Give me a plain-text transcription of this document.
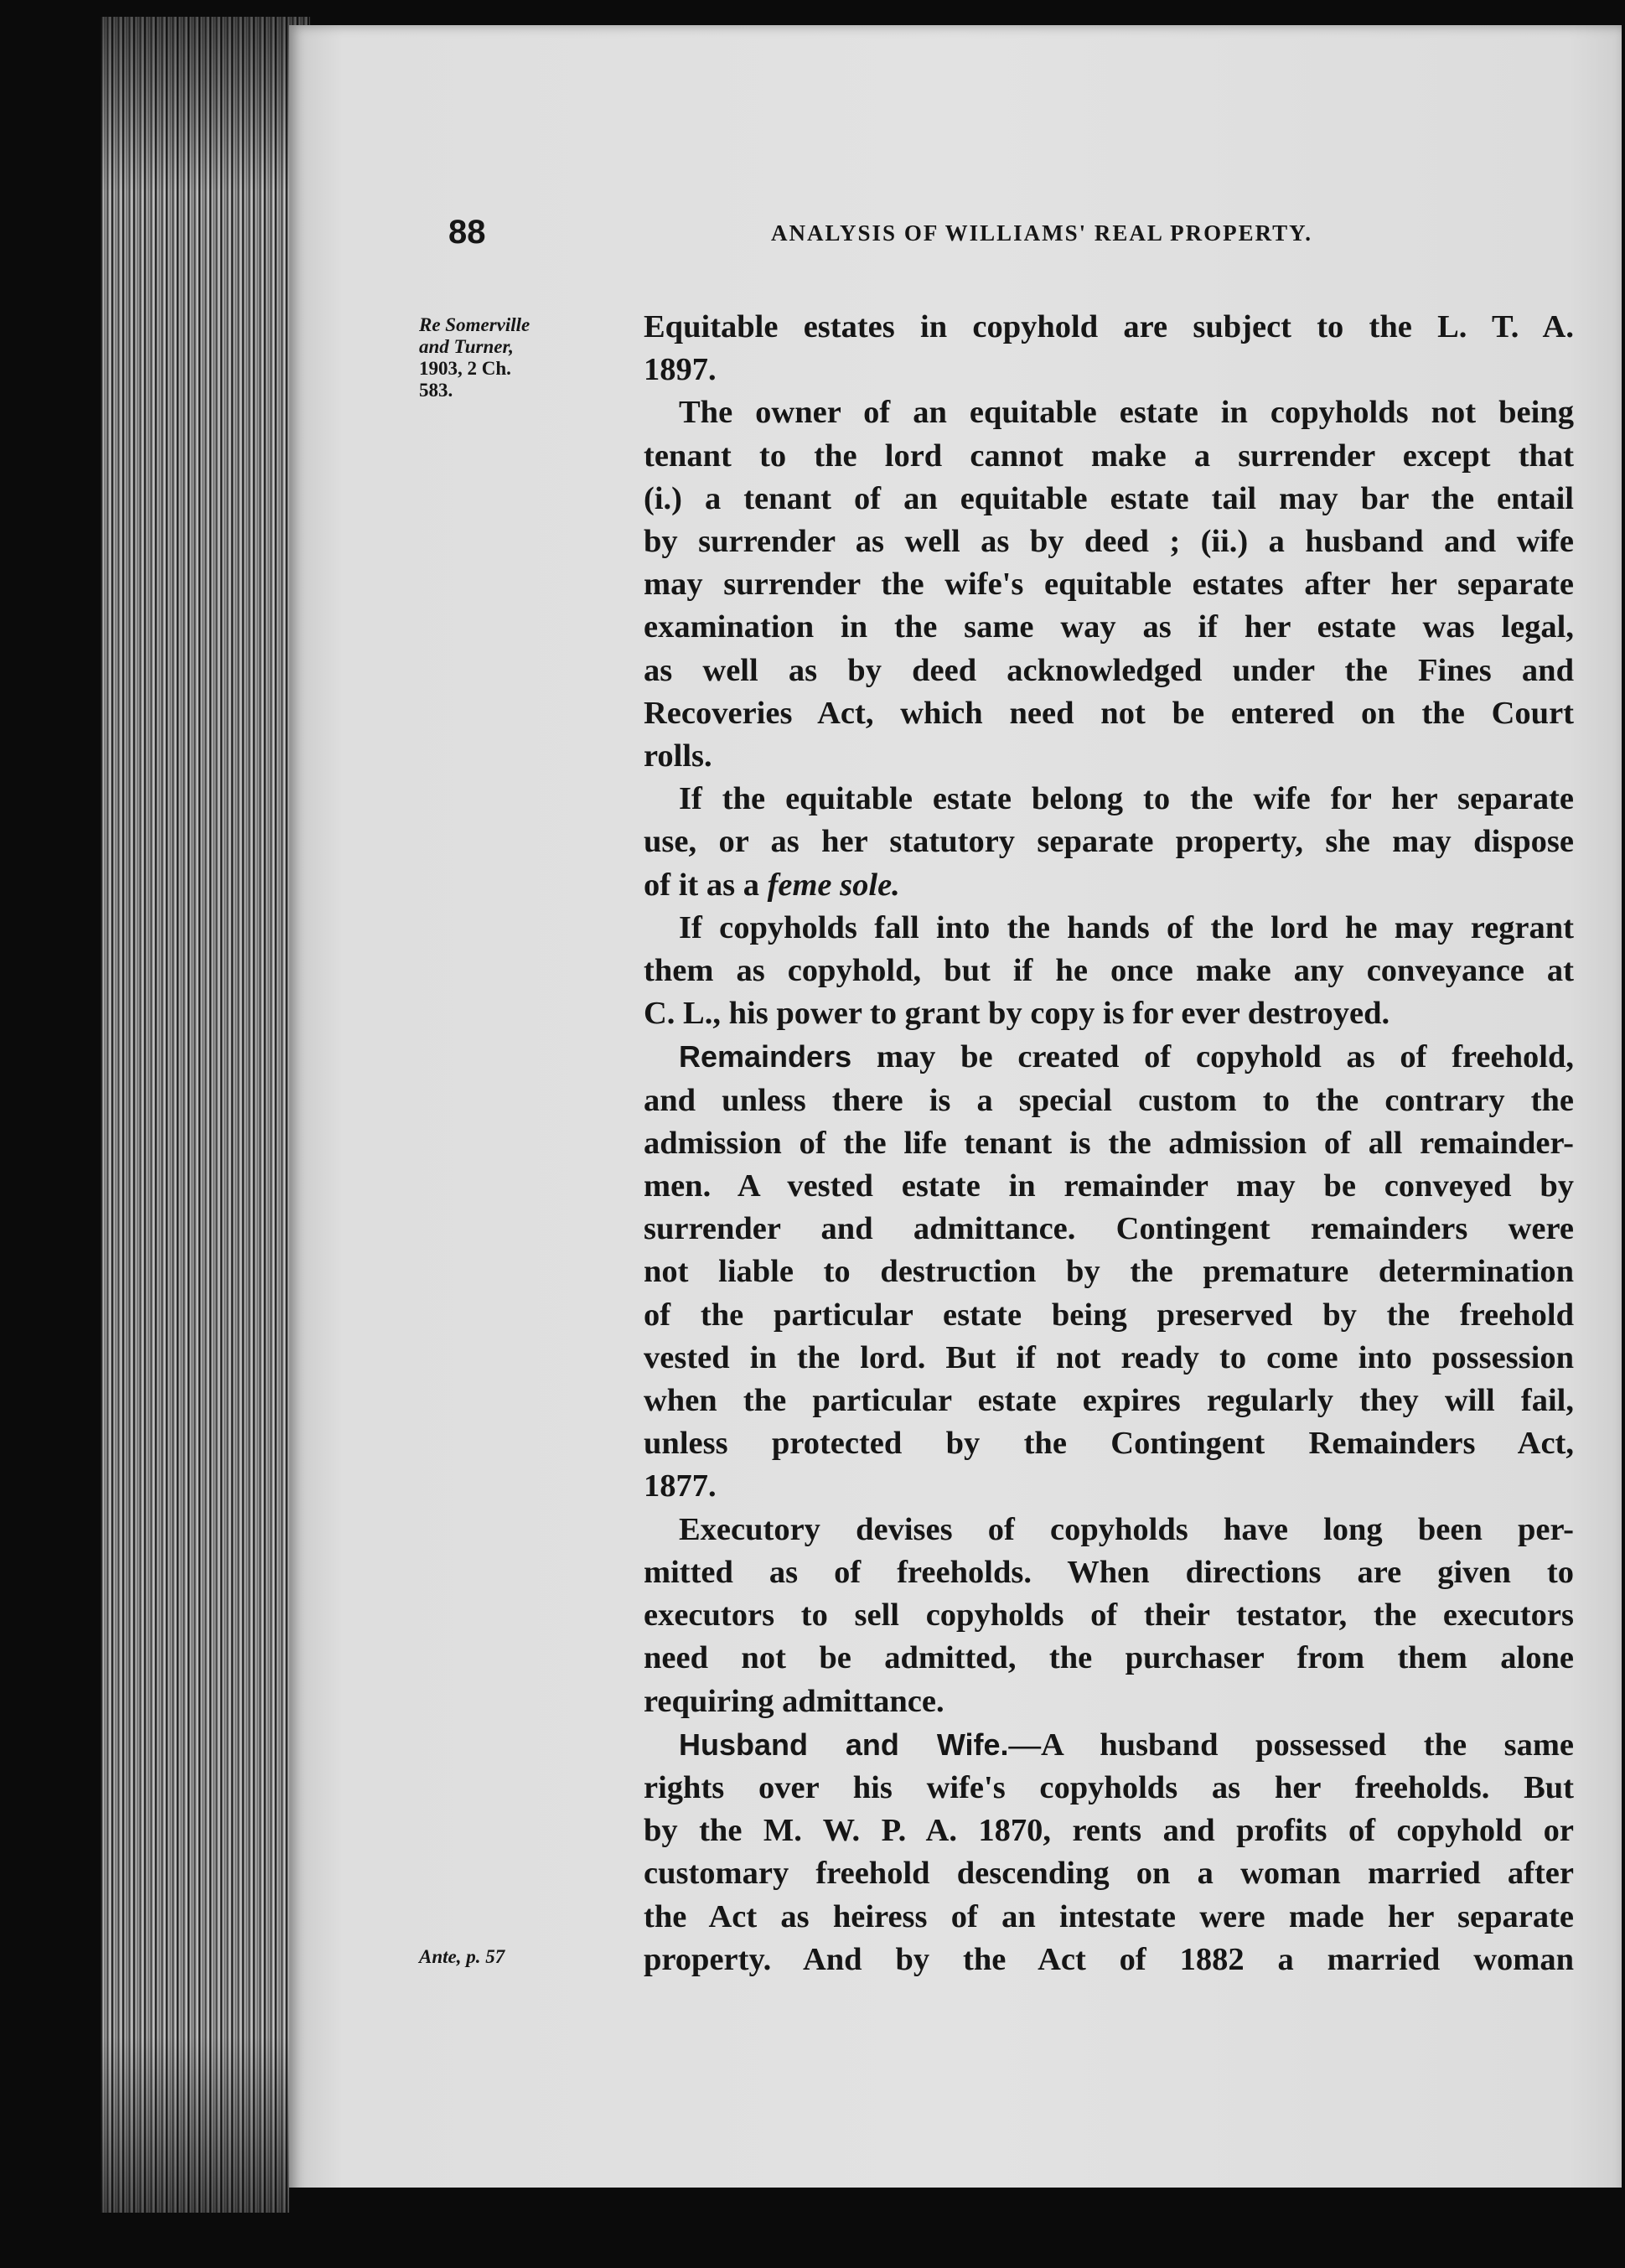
88	ANALYSIS OF WILLIAMS' REAL PROPERTY.
Re Somerville
and Turner,
1903, 2 Ch.
583.
Ante, p. 57
Equitable estates in copyhold are subject to the L. T. A.
1897.
The owner of an equitable estate in copyholds not being
tenant to the lord cannot make a surrender except that
(i.) a tenant of an equitable estate tail may bar the entail
by surrender as well as by deed ; (ii.) a husband and wife
may surrender the wife's equitable estates after her separate
examination in the same way as if her estate was legal,
as well as by deed acknowledged under the Fines and
Recoveries Act, which need not be entered on the Court
rolls.
If the equitable estate belong to the wife for her separate
use, or as her statutory separate property, she may dispose
of it as a feme sole.
If copyholds fall into the hands of the lord he may regrant
them as copyhold, but if he once make any conveyance at
C. L., his power to grant by copy is for ever destroyed.
Remainders may be created of copyhold as of freehold,
and unless there is a special custom to the contrary the
admission of the life tenant is the admission of all remainder-
men. A vested estate in remainder may be conveyed by
surrender and admittance. Contingent remainders were
not liable to destruction by the premature determination
of the particular estate being preserved by the freehold
vested in the lord. But if not ready to come into possession
when the particular estate expires regularly they will fail,
unless protected by the Contingent Remainders Act,
1877.
Executory devises of copyholds have long been per-
mitted as of freeholds. When directions are given to
executors to sell copyholds of their testator, the executors
need not be admitted, the purchaser from them alone
requiring admittance.
Husband and Wife.—A husband possessed the same
rights over his wife's copyholds as her freeholds. But
by the M. W. P. A. 1870, rents and profits of copyhold or
customary freehold descending on a woman married after
the Act as heiress of an intestate were made her separate
property. And by the Act of 1882 a married woman
